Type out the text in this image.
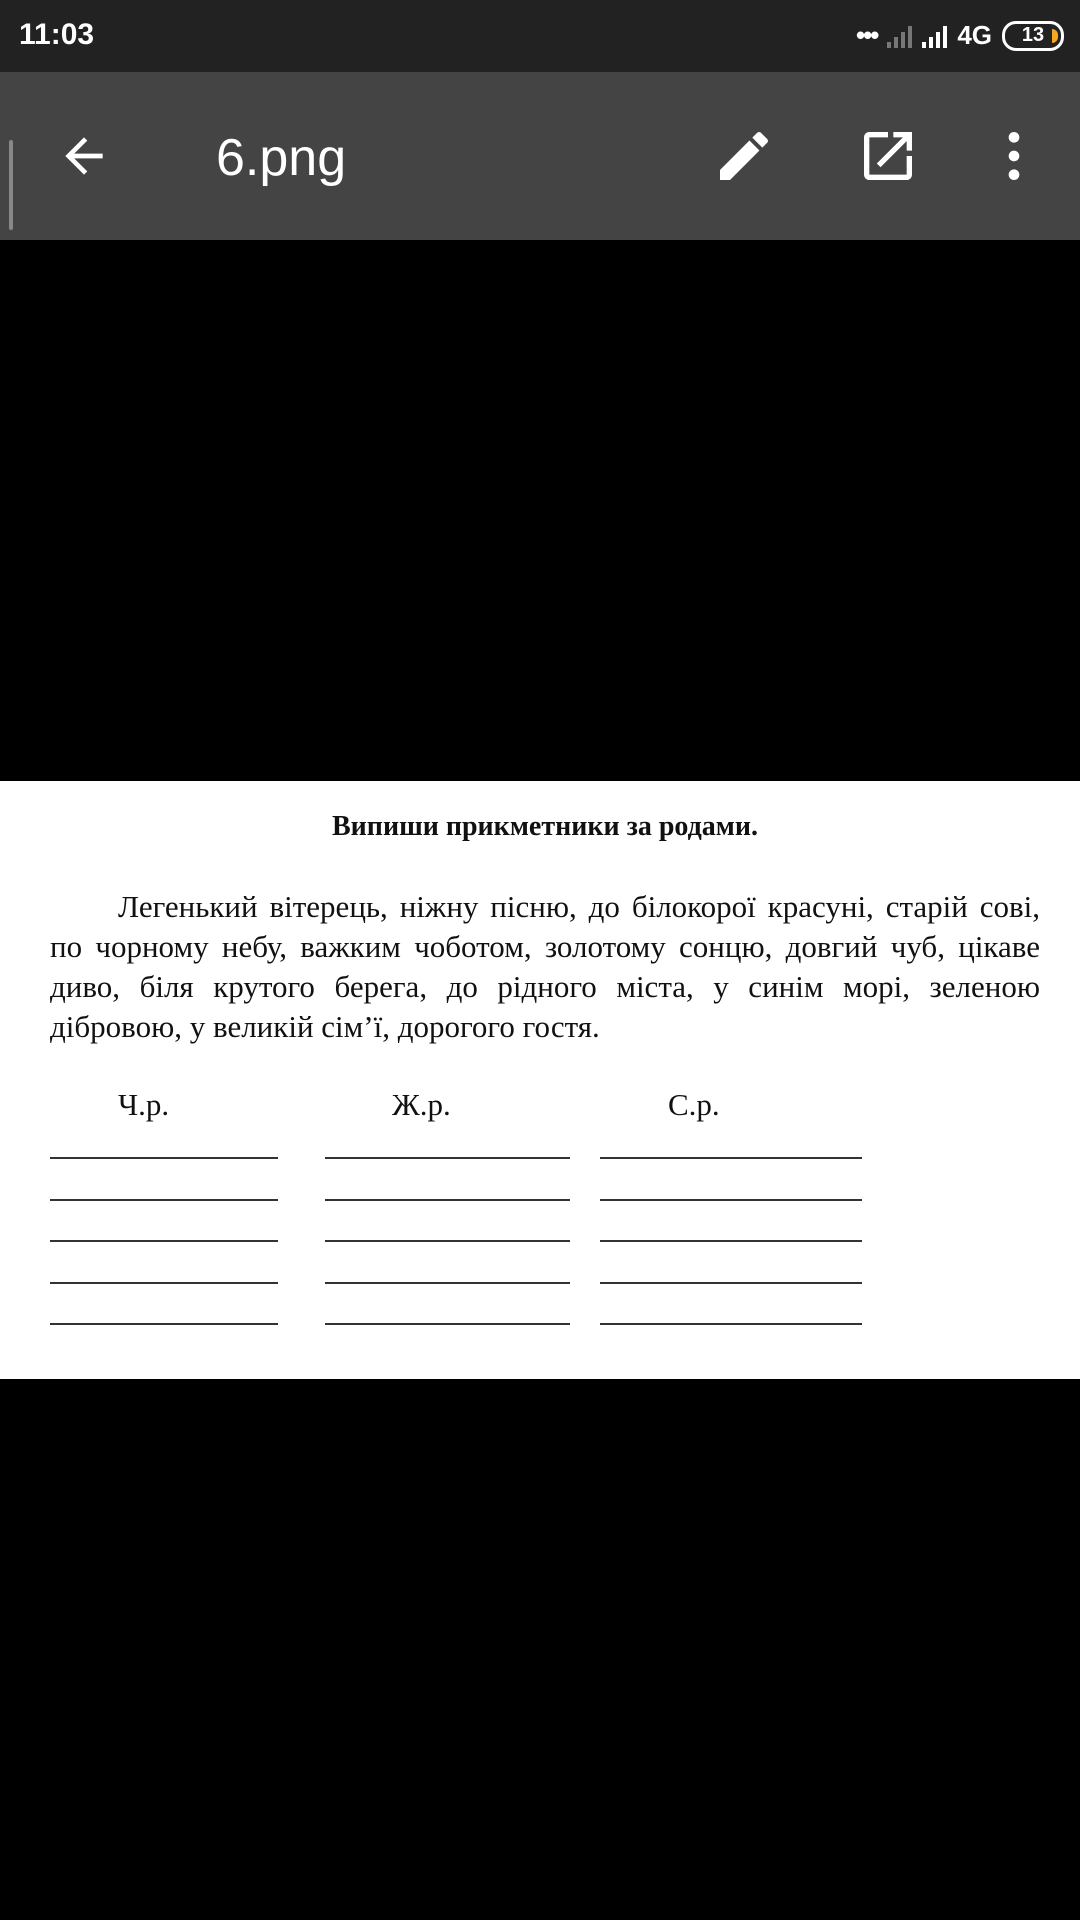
11:03	•••	4G 13
6.png
Випиши прикметники за родами.
Легенький вітерець, ніжну пісню, до білокорої красуні, старій сові, по чорному небу, важким чоботом, золотому сонцю, довгий чуб, цікаве диво, біля крутого берега, до рідного міста, у синім морі, зеленою дібровою, у великій сім’ї, дорогого гостя.
Ч.р.	Ж.р.	С.р.
